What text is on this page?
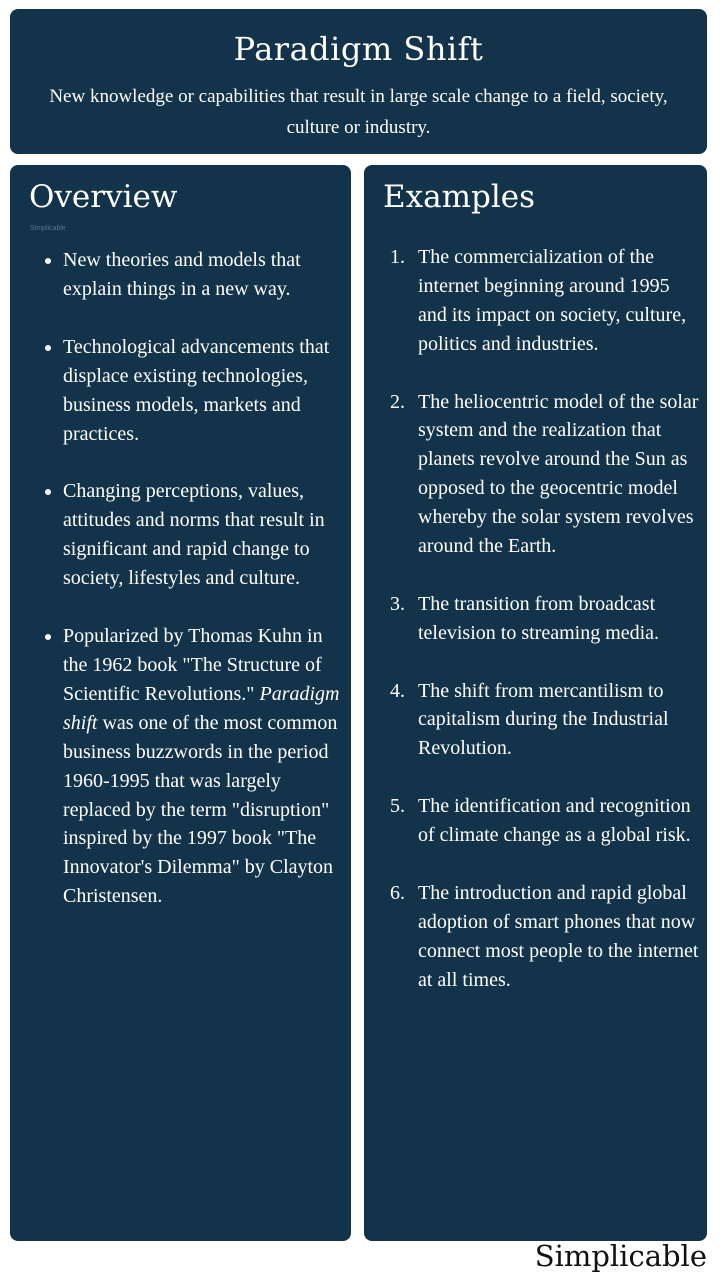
Paradigm Shift
New knowledge or capabilities that result in large scale change to a field, society, culture or industry.
Overview
Simplicable
New theories and models that explain things in a new way.
Technological advancements that displace existing technologies, business models, markets and practices.
Changing perceptions, values, attitudes and norms that result in significant and rapid change to society, lifestyles and culture.
Popularized by Thomas Kuhn in the 1962 book "The Structure of Scientific Revolutions." Paradigm shift was one of the most common business buzzwords in the period 1960-1995 that was largely replaced by the term "disruption" inspired by the 1997 book "The Innovator's Dilemma" by Clayton Christensen.
Examples
1. The commercialization of the internet beginning around 1995 and its impact on society, culture, politics and industries.
2. The heliocentric model of the solar system and the realization that planets revolve around the Sun as opposed to the geocentric model whereby the solar system revolves around the Earth.
3. The transition from broadcast television to streaming media.
4. The shift from mercantilism to capitalism during the Industrial Revolution.
5. The identification and recognition of climate change as a global risk.
6. The introduction and rapid global adoption of smart phones that now connect most people to the internet at all times.
Simplicable
